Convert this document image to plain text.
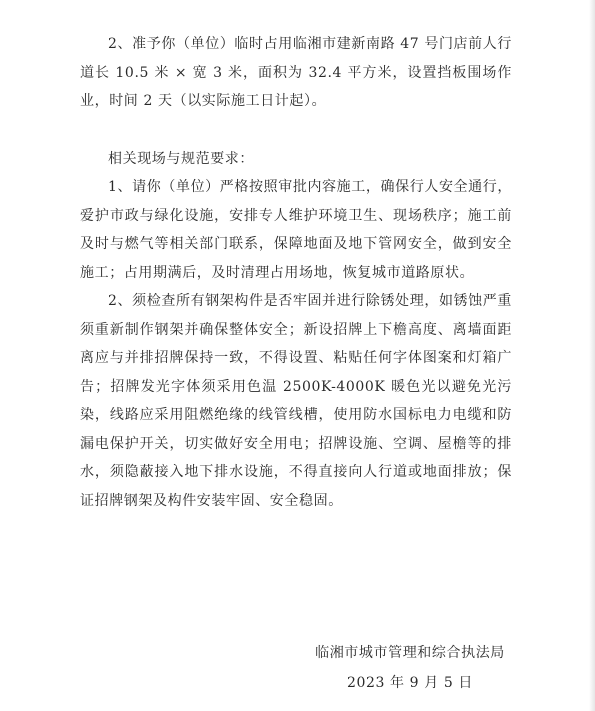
2、准予你（单位）临时占用临湘市建新南路 47 号门店前人行道长 10.5 米 × 宽 3 米，面积为 32.4 平方米，设置挡板围场作业，时间 2 天（以实际施工日计起）。

相关现场与规范要求：

1、请你（单位）严格按照审批内容施工，确保行人安全通行，爱护市政与绿化设施，安排专人维护环境卫生、现场秩序；施工前及时与燃气等相关部门联系，保障地面及地下管网安全，做到安全施工；占用期满后，及时清理占用场地，恢复城市道路原状。

2、须检查所有钢架构件是否牢固并进行除锈处理，如锈蚀严重须重新制作钢架并确保整体安全；新设招牌上下檐高度、离墙面距离应与并排招牌保持一致，不得设置、粘贴任何字体图案和灯箱广告；招牌发光字体须采用色温 2500K-4000K 暖色光以避免光污染，线路应采用阻燃绝缘的线管线槽，使用防水国标电力电缆和防漏电保护开关，切实做好安全用电；招牌设施、空调、屋檐等的排水，须隐蔽接入地下排水设施，不得直接向人行道或地面排放；保证招牌钢架及构件安装牢固、安全稳固。

临湘市城市管理和综合执法局
2023 年 9 月 5 日
